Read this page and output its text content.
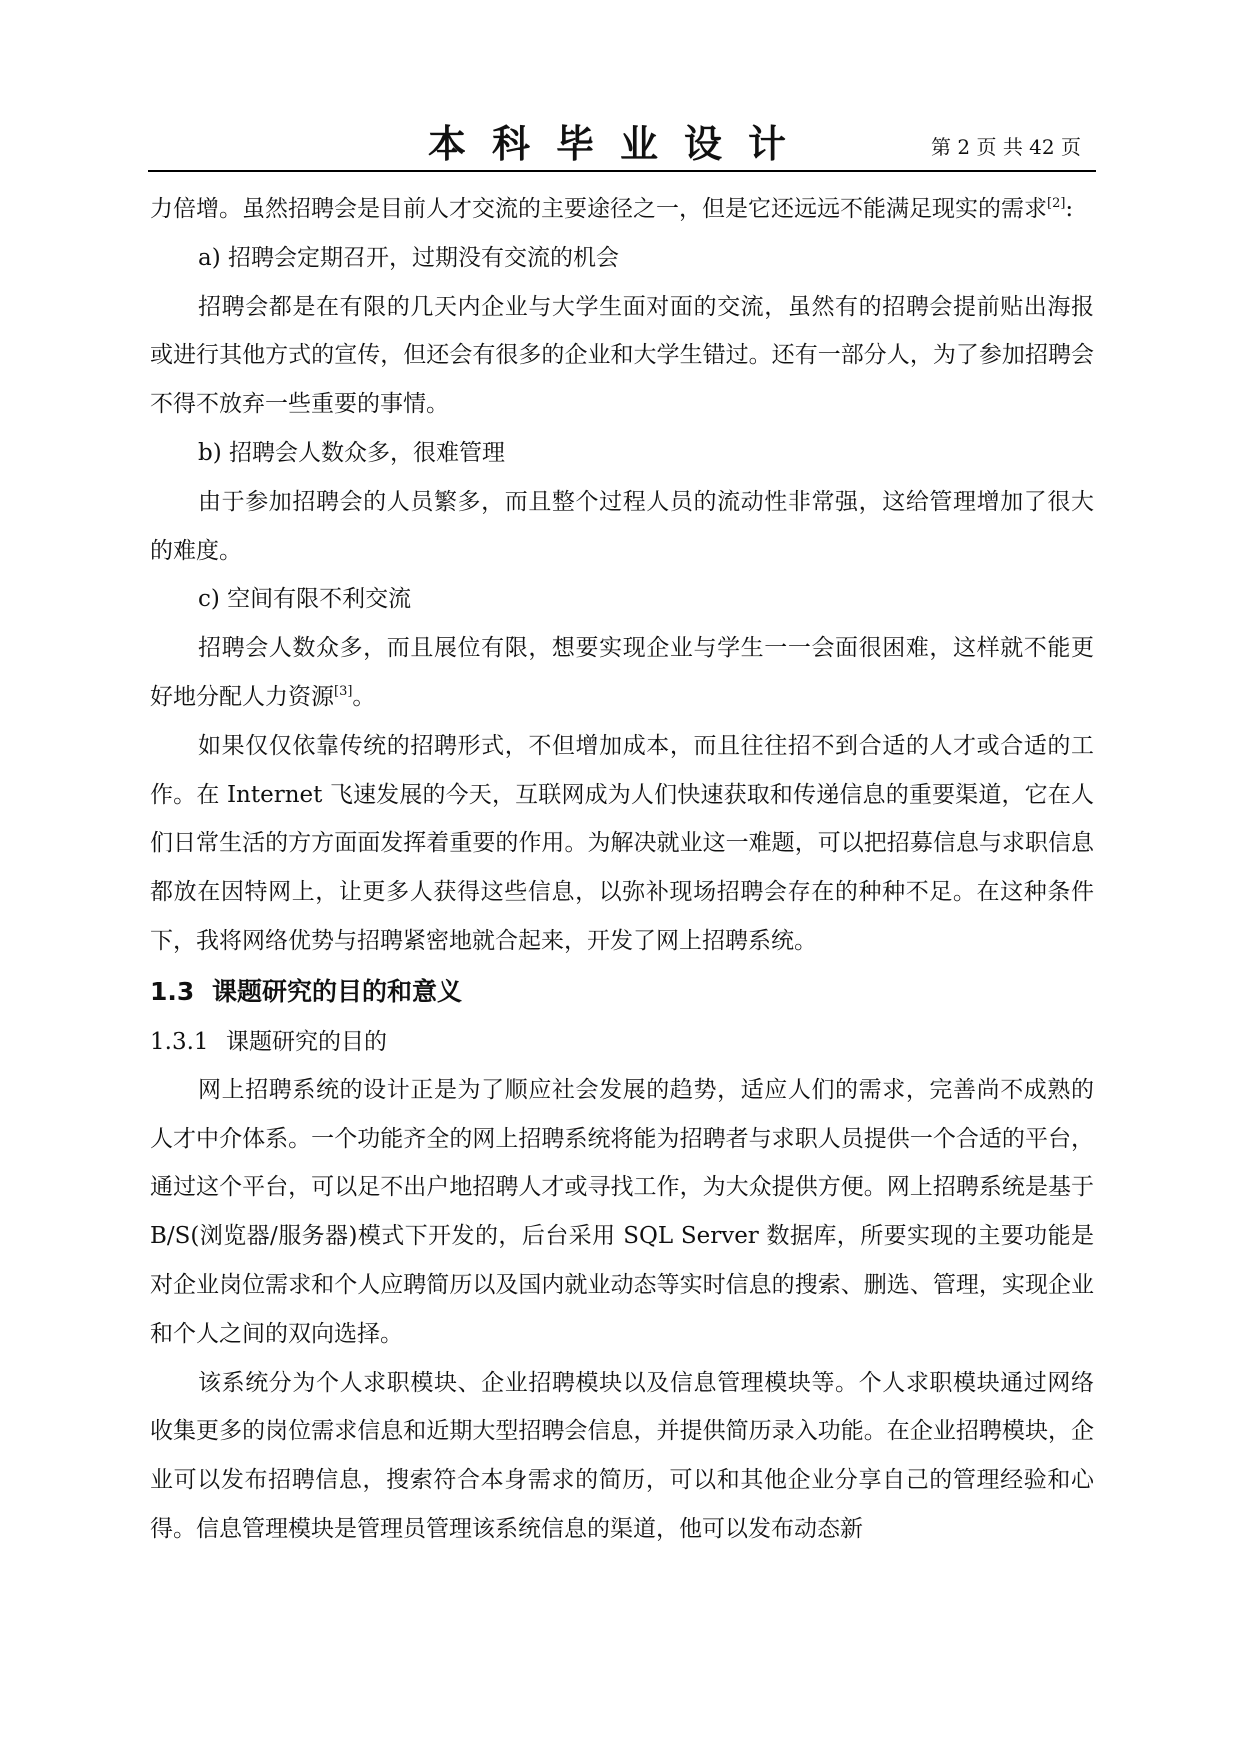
本科毕业设计	第 2 页 共 42 页

力倍增。虽然招聘会是目前人才交流的主要途径之一，但是它还远远不能满足现实的需求[2]:

a) 招聘会定期召开，过期没有交流的机会

招聘会都是在有限的几天内企业与大学生面对面的交流，虽然有的招聘会提前贴出海报或进行其他方式的宣传，但还会有很多的企业和大学生错过。还有一部分人，为了参加招聘会不得不放弃一些重要的事情。

b) 招聘会人数众多，很难管理

由于参加招聘会的人员繁多，而且整个过程人员的流动性非常强，这给管理增加了很大的难度。

c) 空间有限不利交流

招聘会人数众多，而且展位有限，想要实现企业与学生一一会面很困难，这样就不能更好地分配人力资源[3]。

如果仅仅依靠传统的招聘形式，不但增加成本，而且往往招不到合适的人才或合适的工作。在 Internet 飞速发展的今天，互联网成为人们快速获取和传递信息的重要渠道，它在人们日常生活的方方面面发挥着重要的作用。为解决就业这一难题，可以把招募信息与求职信息都放在因特网上，让更多人获得这些信息，以弥补现场招聘会存在的种种不足。在这种条件下，我将网络优势与招聘紧密地就合起来，开发了网上招聘系统。

1.3 课题研究的目的和意义

1.3.1 课题研究的目的

网上招聘系统的设计正是为了顺应社会发展的趋势，适应人们的需求，完善尚不成熟的人才中介体系。一个功能齐全的网上招聘系统将能为招聘者与求职人员提供一个合适的平台，通过这个平台，可以足不出户地招聘人才或寻找工作，为大众提供方便。网上招聘系统是基于 B/S(浏览器/服务器)模式下开发的，后台采用 SQL Server 数据库，所要实现的主要功能是对企业岗位需求和个人应聘简历以及国内就业动态等实时信息的搜索、删选、管理，实现企业和个人之间的双向选择。

该系统分为个人求职模块、企业招聘模块以及信息管理模块等。个人求职模块通过网络收集更多的岗位需求信息和近期大型招聘会信息，并提供简历录入功能。在企业招聘模块，企业可以发布招聘信息，搜索符合本身需求的简历，可以和其他企业分享自己的管理经验和心得。信息管理模块是管理员管理该系统信息的渠道，他可以发布动态新
